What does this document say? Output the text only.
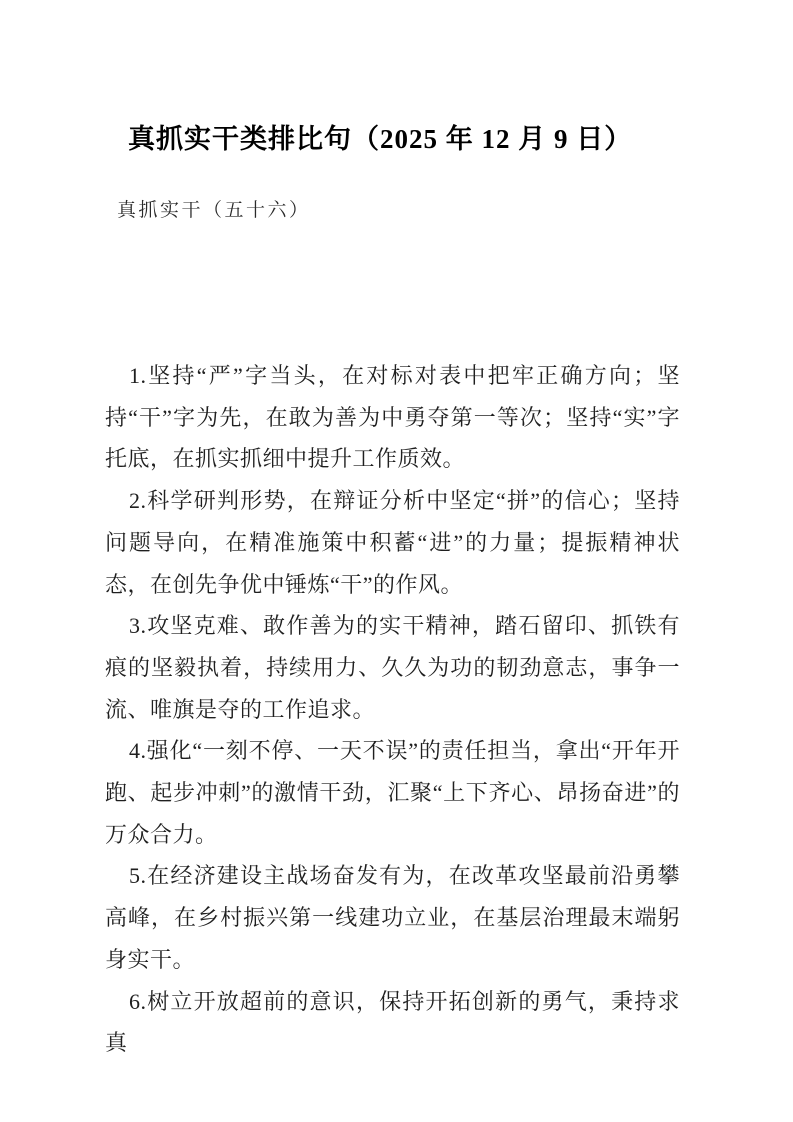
真抓实干类排比句（2025 年 12 月 9 日）
真抓实干（五十六）

1.坚持“严”字当头，在对标对表中把牢正确方向；坚持“干”字为先，在敢为善为中勇夺第一等次；坚持“实”字托底，在抓实抓细中提升工作质效。

2.科学研判形势，在辩证分析中坚定“拼”的信心；坚持问题导向，在精准施策中积蓄“进”的力量；提振精神状态，在创先争优中锤炼“干”的作风。

3.攻坚克难、敢作善为的实干精神，踏石留印、抓铁有痕的坚毅执着，持续用力、久久为功的韧劲意志，事争一流、唯旗是夺的工作追求。

4.强化“一刻不停、一天不误”的责任担当，拿出“开年开跑、起步冲刺”的激情干劲，汇聚“上下齐心、昂扬奋进”的万众合力。

5.在经济建设主战场奋发有为，在改革攻坚最前沿勇攀高峰，在乡村振兴第一线建功立业，在基层治理最末端躬身实干。

6.树立开放超前的意识，保持开拓创新的勇气，秉持求真
